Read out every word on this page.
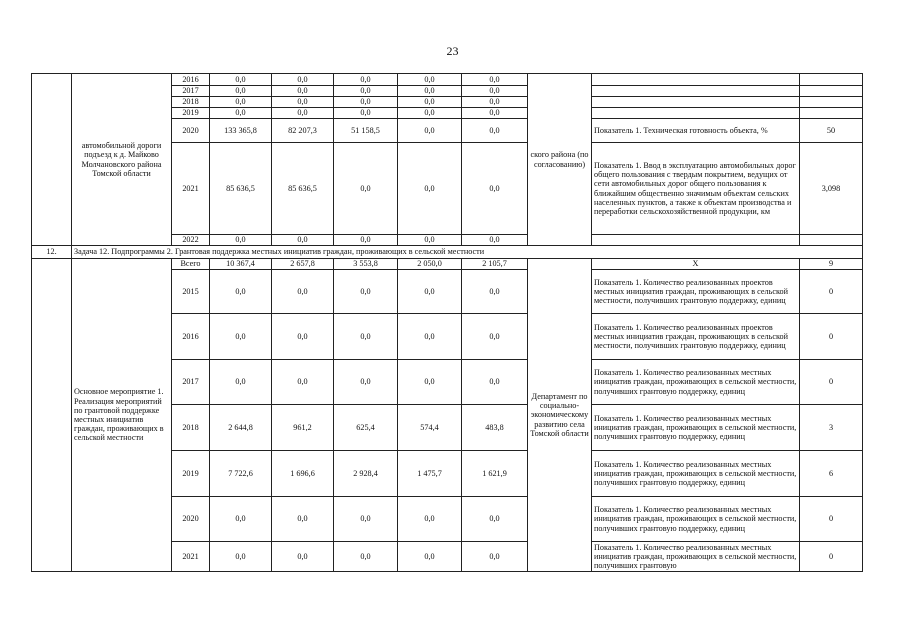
23
	автомобильной дороги подъезд к д. Майково Молчановского района Томской области	2016	0,0	0,0	0,0	0,0	0,0	ского района (по согласованию)		
		2017	0,0	0,0	0,0	0,0	0,0			
		2018	0,0	0,0	0,0	0,0	0,0			
		2019	0,0	0,0	0,0	0,0	0,0			
		2020	133 365,8	82 207,3	51 158,5	0,0	0,0		Показатель 1. Техническая готовность объекта, %	50
		2021	85 636,5	85 636,5	0,0	0,0	0,0		Показатель 1. Ввод в эксплуатацию автомобильных дорог общего пользования с твердым покрытием, ведущих от сети автомобильных дорог общего пользования к ближайшим общественно значимым объектам сельских населенных пунктов, а также к объектам производства и переработки сельскохозяйственной продукции, км	3,098
		2022	0,0	0,0	0,0	0,0	0,0			
12.	Задача 12. Подпрограммы 2. Грантовая поддержка местных инициатив граждан, проживающих в сельской местности									
	Основное мероприятие 1. Реализация мероприятий по грантовой поддержке местных инициатив граждан, проживающих в сельской местности	Всего	10 367,4	2 657,8	3 553,8	2 050,0	2 105,7	Департамент по социально-экономическому развитию села Томской области	Х	9
		2015	0,0	0,0	0,0	0,0	0,0		Показатель 1. Количество реализованных проектов местных инициатив граждан, проживающих в сельской местности, получивших грантовую поддержку, единиц	0
		2016	0,0	0,0	0,0	0,0	0,0		Показатель 1. Количество реализованных проектов местных инициатив граждан, проживающих в сельской местности, получивших грантовую поддержку, единиц	0
		2017	0,0	0,0	0,0	0,0	0,0		Показатель 1. Количество реализованных местных инициатив граждан, проживающих в сельской местности, получивших грантовую поддержку, единиц	0
		2018	2 644,8	961,2	625,4	574,4	483,8		Показатель 1. Количество реализованных местных инициатив граждан, проживающих в сельской местности, получивших грантовую поддержку, единиц	3
		2019	7 722,6	1 696,6	2 928,4	1 475,7	1 621,9		Показатель 1. Количество реализованных местных инициатив граждан, проживающих в сельской местности, получивших грантовую поддержку, единиц	6
		2020	0,0	0,0	0,0	0,0	0,0		Показатель 1. Количество реализованных местных инициатив граждан, проживающих в сельской местности, получивших грантовую поддержку, единиц	0
		2021	0,0	0,0	0,0	0,0	0,0		Показатель 1. Количество реализованных местных инициатив граждан, проживающих в сельской местности, получивших грантовую	0
